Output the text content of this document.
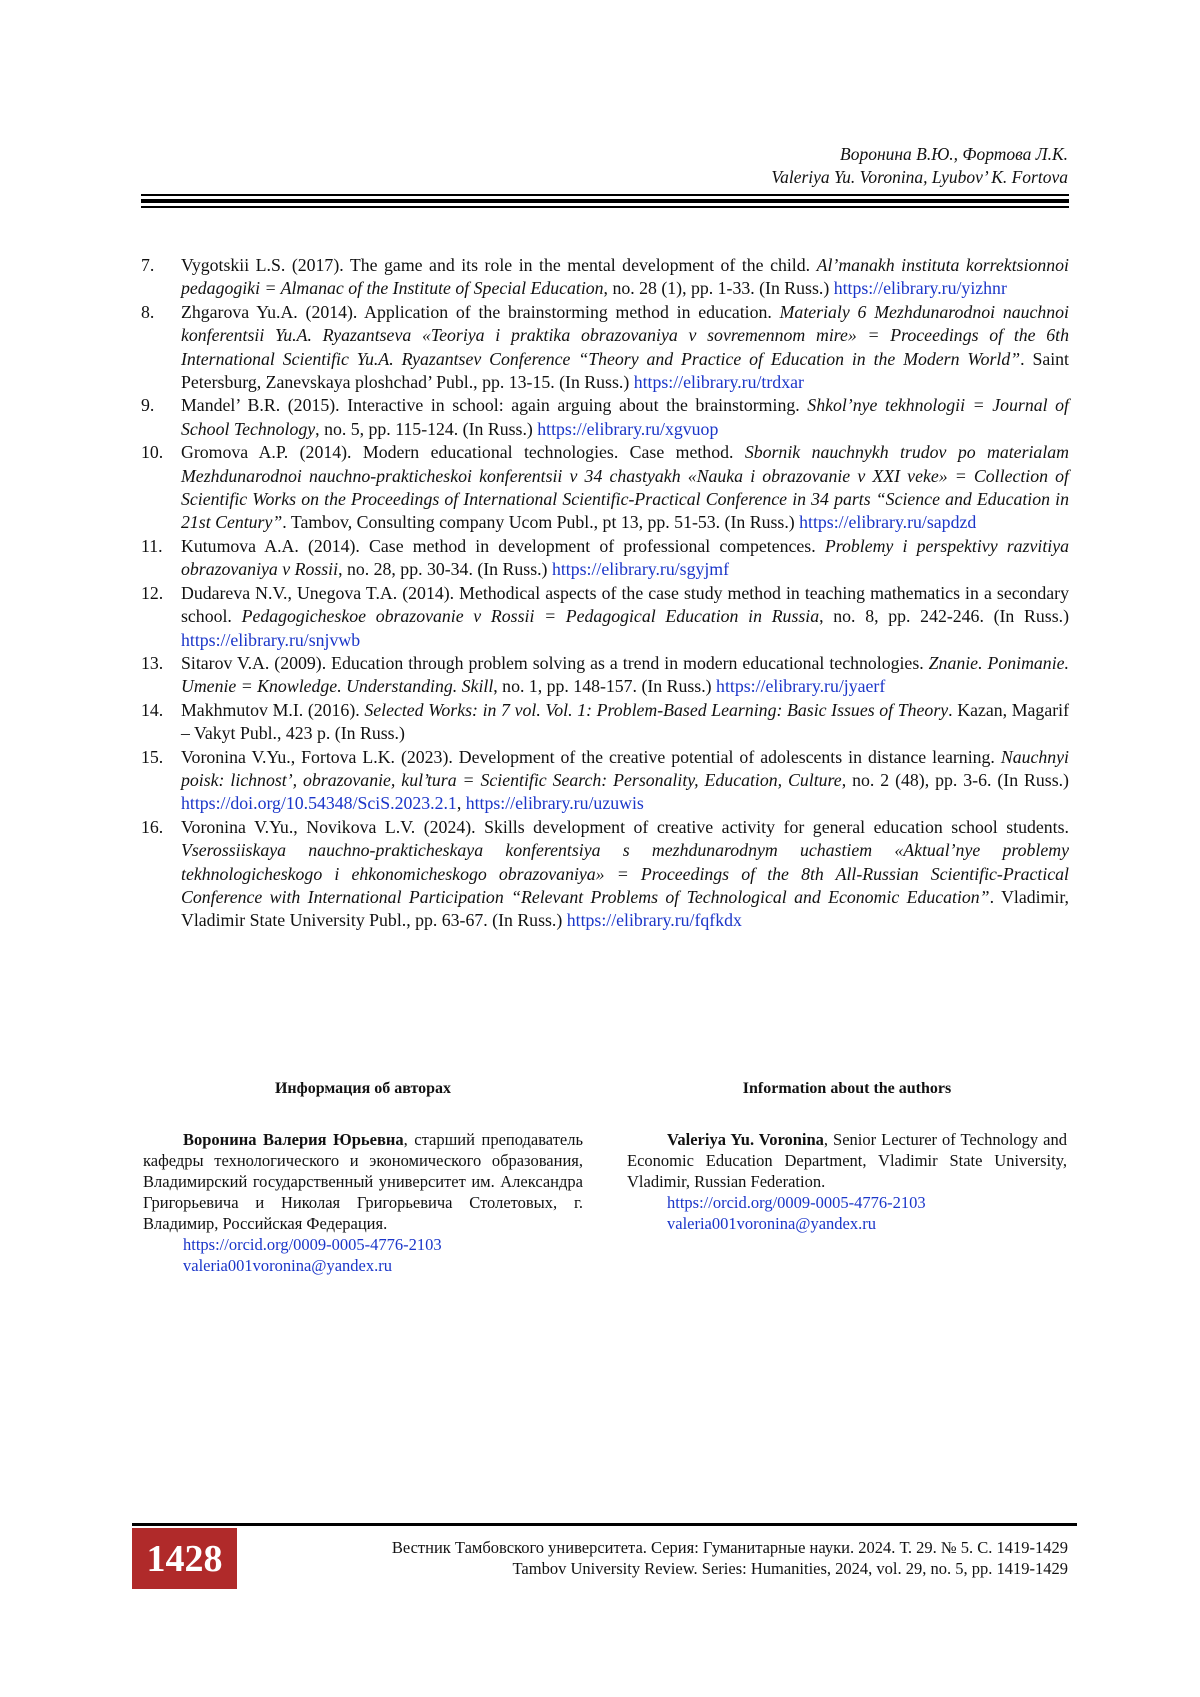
Воронина В.Ю., Фортова Л.К.
Valeriya Yu. Voronina, Lyubov’ K. Fortova
7.	Vygotskii L.S. (2017). The game and its role in the mental development of the child. Al’manakh instituta korrektsionnoi pedagogiki = Almanac of the Institute of Special Education, no. 28 (1), pp. 1-33. (In Russ.) https://elibrary.ru/yizhnr
8.	Zhgarova Yu.A. (2014). Application of the brainstorming method in education. Materialy 6 Mezhdunarodnoi nauchnoi konferentsii Yu.A. Ryazantseva «Teoriya i praktika obrazovaniya v sovremennom mire» = Proceedings of the 6th International Scientific Yu.A. Ryazantsev Conference “Theory and Practice of Education in the Modern World”. Saint Petersburg, Zanevskaya ploshchad’ Publ., pp. 13-15. (In Russ.) https://elibrary.ru/trdxar
9.	Mandel’ B.R. (2015). Interactive in school: again arguing about the brainstorming. Shkol’nye tekhnologii = Journal of School Technology, no. 5, pp. 115-124. (In Russ.) https://elibrary.ru/xgvuop
10. Gromova A.P. (2014). Modern educational technologies. Case method. Sbornik nauchnykh trudov po materialam Mezhdunarodnoi nauchno-prakticheskoi konferentsii v 34 chastyakh «Nauka i obrazovanie v XXI veke» = Collection of Scientific Works on the Proceedings of International Scientific-Practical Conference in 34 parts “Science and Education in 21st Century”. Tambov, Consulting company Ucom Publ., pt 13, pp. 51-53. (In Russ.) https://elibrary.ru/sapdzd
11.	Kutumova A.A. (2014). Case method in development of professional competences. Problemy i perspektivy razvitiya obrazovaniya v Rossii, no. 28, pp. 30-34. (In Russ.) https://elibrary.ru/sgyjmf
12. Dudareva N.V., Unegova T.A. (2014). Methodical aspects of the case study method in teaching mathematics in a secondary school. Pedagogicheskoe obrazovanie v Rossii = Pedagogical Education in Russia, no. 8, pp. 242-246. (In Russ.) https://elibrary.ru/snjvwb
13. Sitarov V.A. (2009). Education through problem solving as a trend in modern educational technologies. Znanie. Ponimanie. Umenie = Knowledge. Understanding. Skill, no. 1, pp. 148-157. (In Russ.) https://elibrary.ru/jyaerf
14. Makhmutov M.I. (2016). Selected Works: in 7 vol. Vol. 1: Problem-Based Learning: Basic Issues of Theory. Kazan, Magarif – Vakyt Publ., 423 p. (In Russ.)
15. Voronina V.Yu., Fortova L.K. (2023). Development of the creative potential of adolescents in distance learning. Nauchnyi poisk: lichnost’, obrazovanie, kul’tura = Scientific Search: Personality, Education, Culture, no. 2 (48), pp. 3-6. (In Russ.) https://doi.org/10.54348/SciS.2023.2.1, https://elibrary.ru/uzuwis
16. Voronina V.Yu., Novikova L.V. (2024). Skills development of creative activity for general education school students. Vserossiiskaya nauchno-prakticheskaya konferentsiya s mezhdunarodnym uchastiem «Aktual’nye problemy tekhnologicheskogo i ehkonomicheskogo obrazovaniya» = Proceedings of the 8th All-Russian Scientific-Practical Conference with International Participation “Relevant Problems of Technological and Economic Education”. Vladimir, Vladimir State University Publ., pp. 63-67. (In Russ.) https://elibrary.ru/fqfkdx
Информация об авторах

Воронина Валерия Юрьевна, старший преподаватель кафедры технологического и экономического образования, Владимирский государственный университет им. Александра Григорьевича и Николая Григорьевича Столетовых, г. Владимир, Российская Федерация.

https://orcid.org/0009-0005-4776-2103
valeria001voronina@yandex.ru
Information about the authors

Valeriya Yu. Voronina, Senior Lecturer of Technology and Economic Education Department, Vladimir State University, Vladimir, Russian Federation.

https://orcid.org/0009-0005-4776-2103
valeria001voronina@yandex.ru
1428	Вестник Тамбовского университета. Серия: Гуманитарные науки. 2024. Т. 29. № 5. С. 1419-1429
Tambov University Review. Series: Humanities, 2024, vol. 29, no. 5, pp. 1419-1429
